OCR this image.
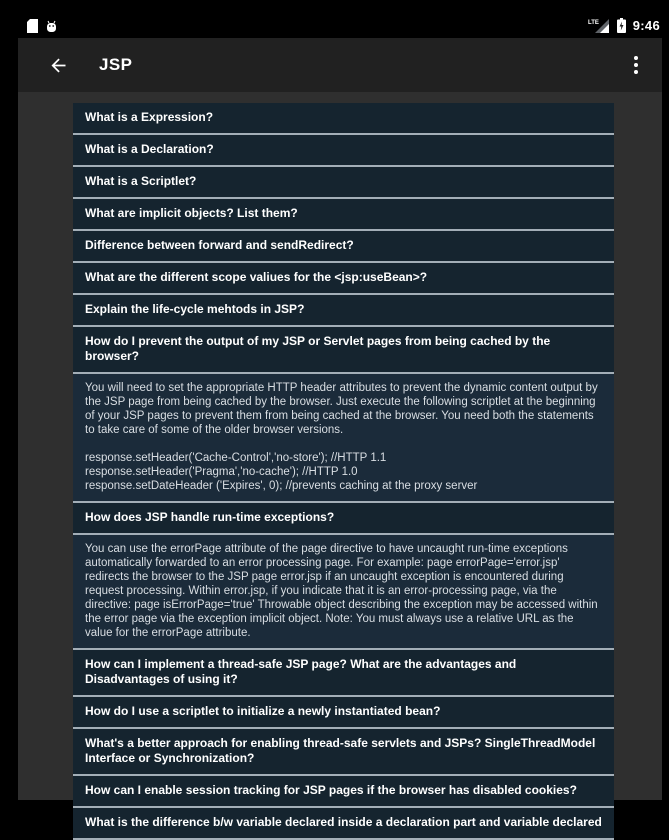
LTE	9:46
JSP
What is a Expression?
What is a Declaration?
What is a Scriptlet?
What are implicit objects? List them?
Difference between forward and sendRedirect?
What are the different scope valiues for the <jsp:useBean>?
Explain the life-cycle mehtods in JSP?
How do I prevent the output of my JSP or Servlet pages from being cached by the browser?
You will need to set the appropriate HTTP header attributes to prevent the dynamic content output by the JSP page from being cached by the browser. Just execute the following scriptlet at the beginning of your JSP pages to prevent them from being cached at the browser. You need both the statements to take care of some of the older browser versions.

response.setHeader('Cache-Control','no-store'); //HTTP 1.1
response.setHeader('Pragma','no-cache'); //HTTP 1.0
response.setDateHeader ('Expires', 0); //prevents caching at the proxy server
How does JSP handle run-time exceptions?
You can use the errorPage attribute of the page directive to have uncaught run-time exceptions automatically forwarded to an error processing page. For example: page errorPage='error.jsp' redirects the browser to the JSP page error.jsp if an uncaught exception is encountered during request processing. Within error.jsp, if you indicate that it is an error-processing page, via the directive: page isErrorPage='true' Throwable object describing the exception may be accessed within the error page via the exception implicit object. Note: You must always use a relative URL as the value for the errorPage attribute.
How can I implement a thread-safe JSP page? What are the advantages and Disadvantages of using it?
How do I use a scriptlet to initialize a newly instantiated bean?
What's a better approach for enabling thread-safe servlets and JSPs? SingleThreadModel Interface or Synchronization?
How can I enable session tracking for JSP pages if the browser has disabled cookies?
What is the difference b/w variable declared inside a declaration part and variable declared
